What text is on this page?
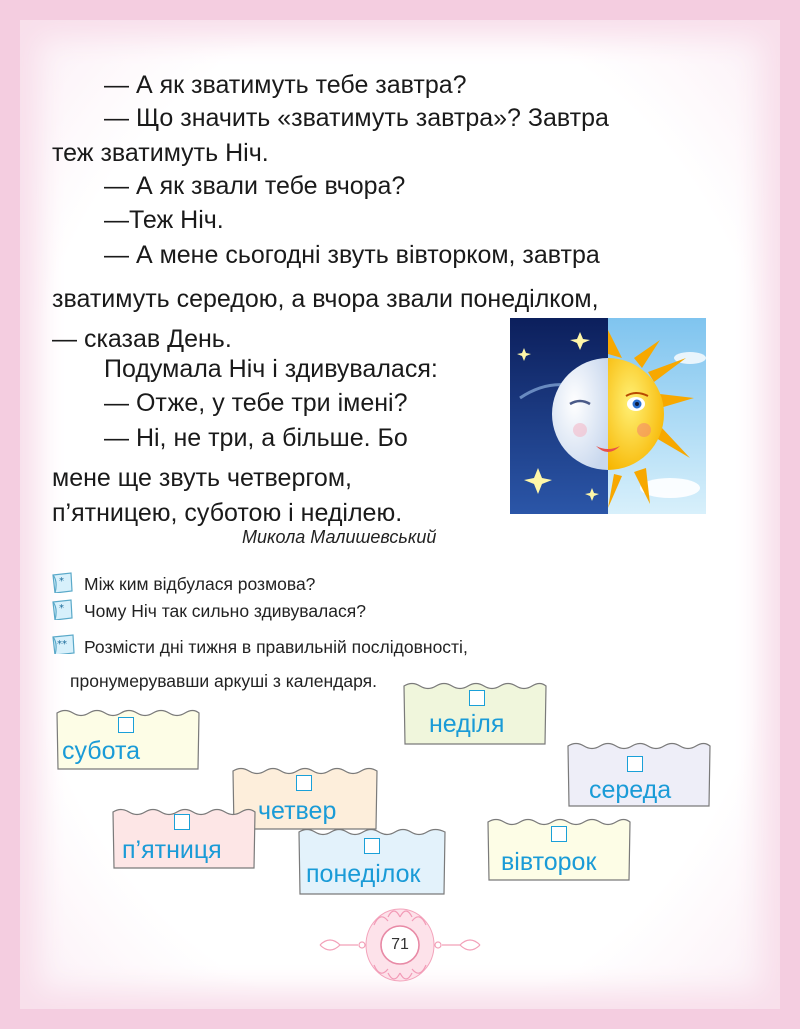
— А як зватимуть тебе завтра?
— Що значить «зватимуть завтра»? Завтра
теж зватимуть Ніч.
— А як звали тебе вчора?
—Теж Ніч.
— А мене сьогодні звуть вівторком, завтра
зватимуть середою, а вчора звали понеділком,
— сказав День.
Подумала Ніч і здивувалася:
— Отже, у тебе три імені?
— Ні, не три, а більше. Бо
мене ще звуть четвергом,
п’ятницею, суботою і неділею.
Микола Малишевський
* Між ким відбулася розмова?
* Чому Ніч так сильно здивувалася?
** Розмісти дні тижня в правильній послідовності,
пронумерувавши аркуші з календаря.
субота
четвер
неділя
середа
п’ятниця
понеділок	вівторок
71
